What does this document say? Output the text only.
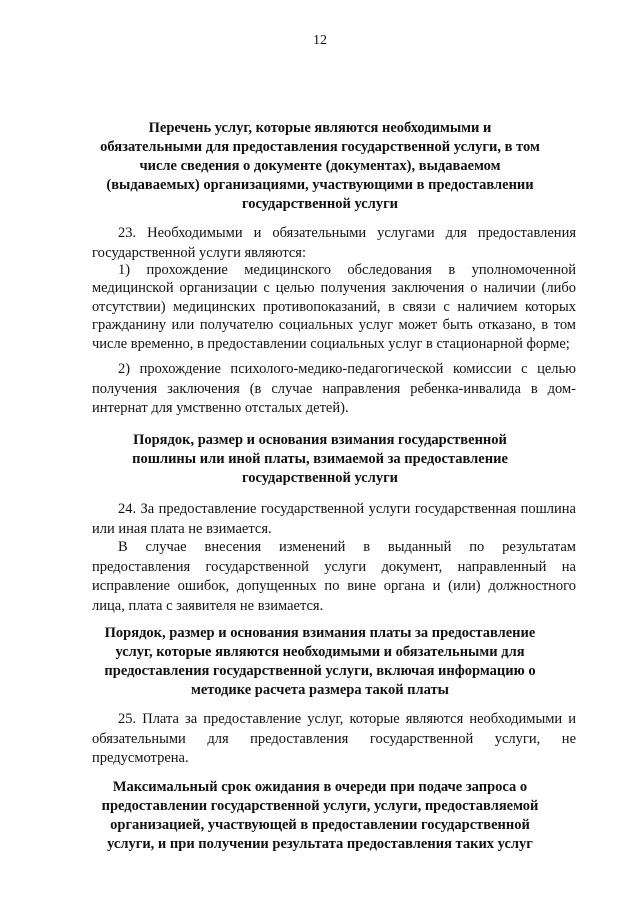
12
Перечень услуг, которые являются необходимыми и обязательными для предоставления государственной услуги, в том числе сведения о документе (документах), выдаваемом (выдаваемых) организациями, участвующими в предоставлении государственной услуги
23. Необходимыми и обязательными услугами для предоставления государственной услуги являются:
1) прохождение медицинского обследования в уполномоченной медицинской организации с целью получения заключения о наличии (либо отсутствии) медицинских противопоказаний, в связи с наличием которых гражданину или получателю социальных услуг может быть отказано, в том числе временно, в предоставлении социальных услуг в стационарной форме;
2) прохождение психолого-медико-педагогической комиссии с целью получения заключения (в случае направления ребенка-инвалида в дом-интернат для умственно отсталых детей).
Порядок, размер и основания взимания государственной пошлины или иной платы, взимаемой за предоставление государственной услуги
24. За предоставление государственной услуги государственная пошлина или иная плата не взимается.
В случае внесения изменений в выданный по результатам предоставления государственной услуги документ, направленный на исправление ошибок, допущенных по вине органа и (или) должностного лица, плата с заявителя не взимается.
Порядок, размер и основания взимания платы за предоставление услуг, которые являются необходимыми и обязательными для предоставления государственной услуги, включая информацию о методике расчета размера такой платы
25. Плата за предоставление услуг, которые являются необходимыми и обязательными для предоставления государственной услуги, не предусмотрена.
Максимальный срок ожидания в очереди при подаче запроса о предоставлении государственной услуги, услуги, предоставляемой организацией, участвующей в предоставлении государственной услуги, и при получении результата предоставления таких услуг
